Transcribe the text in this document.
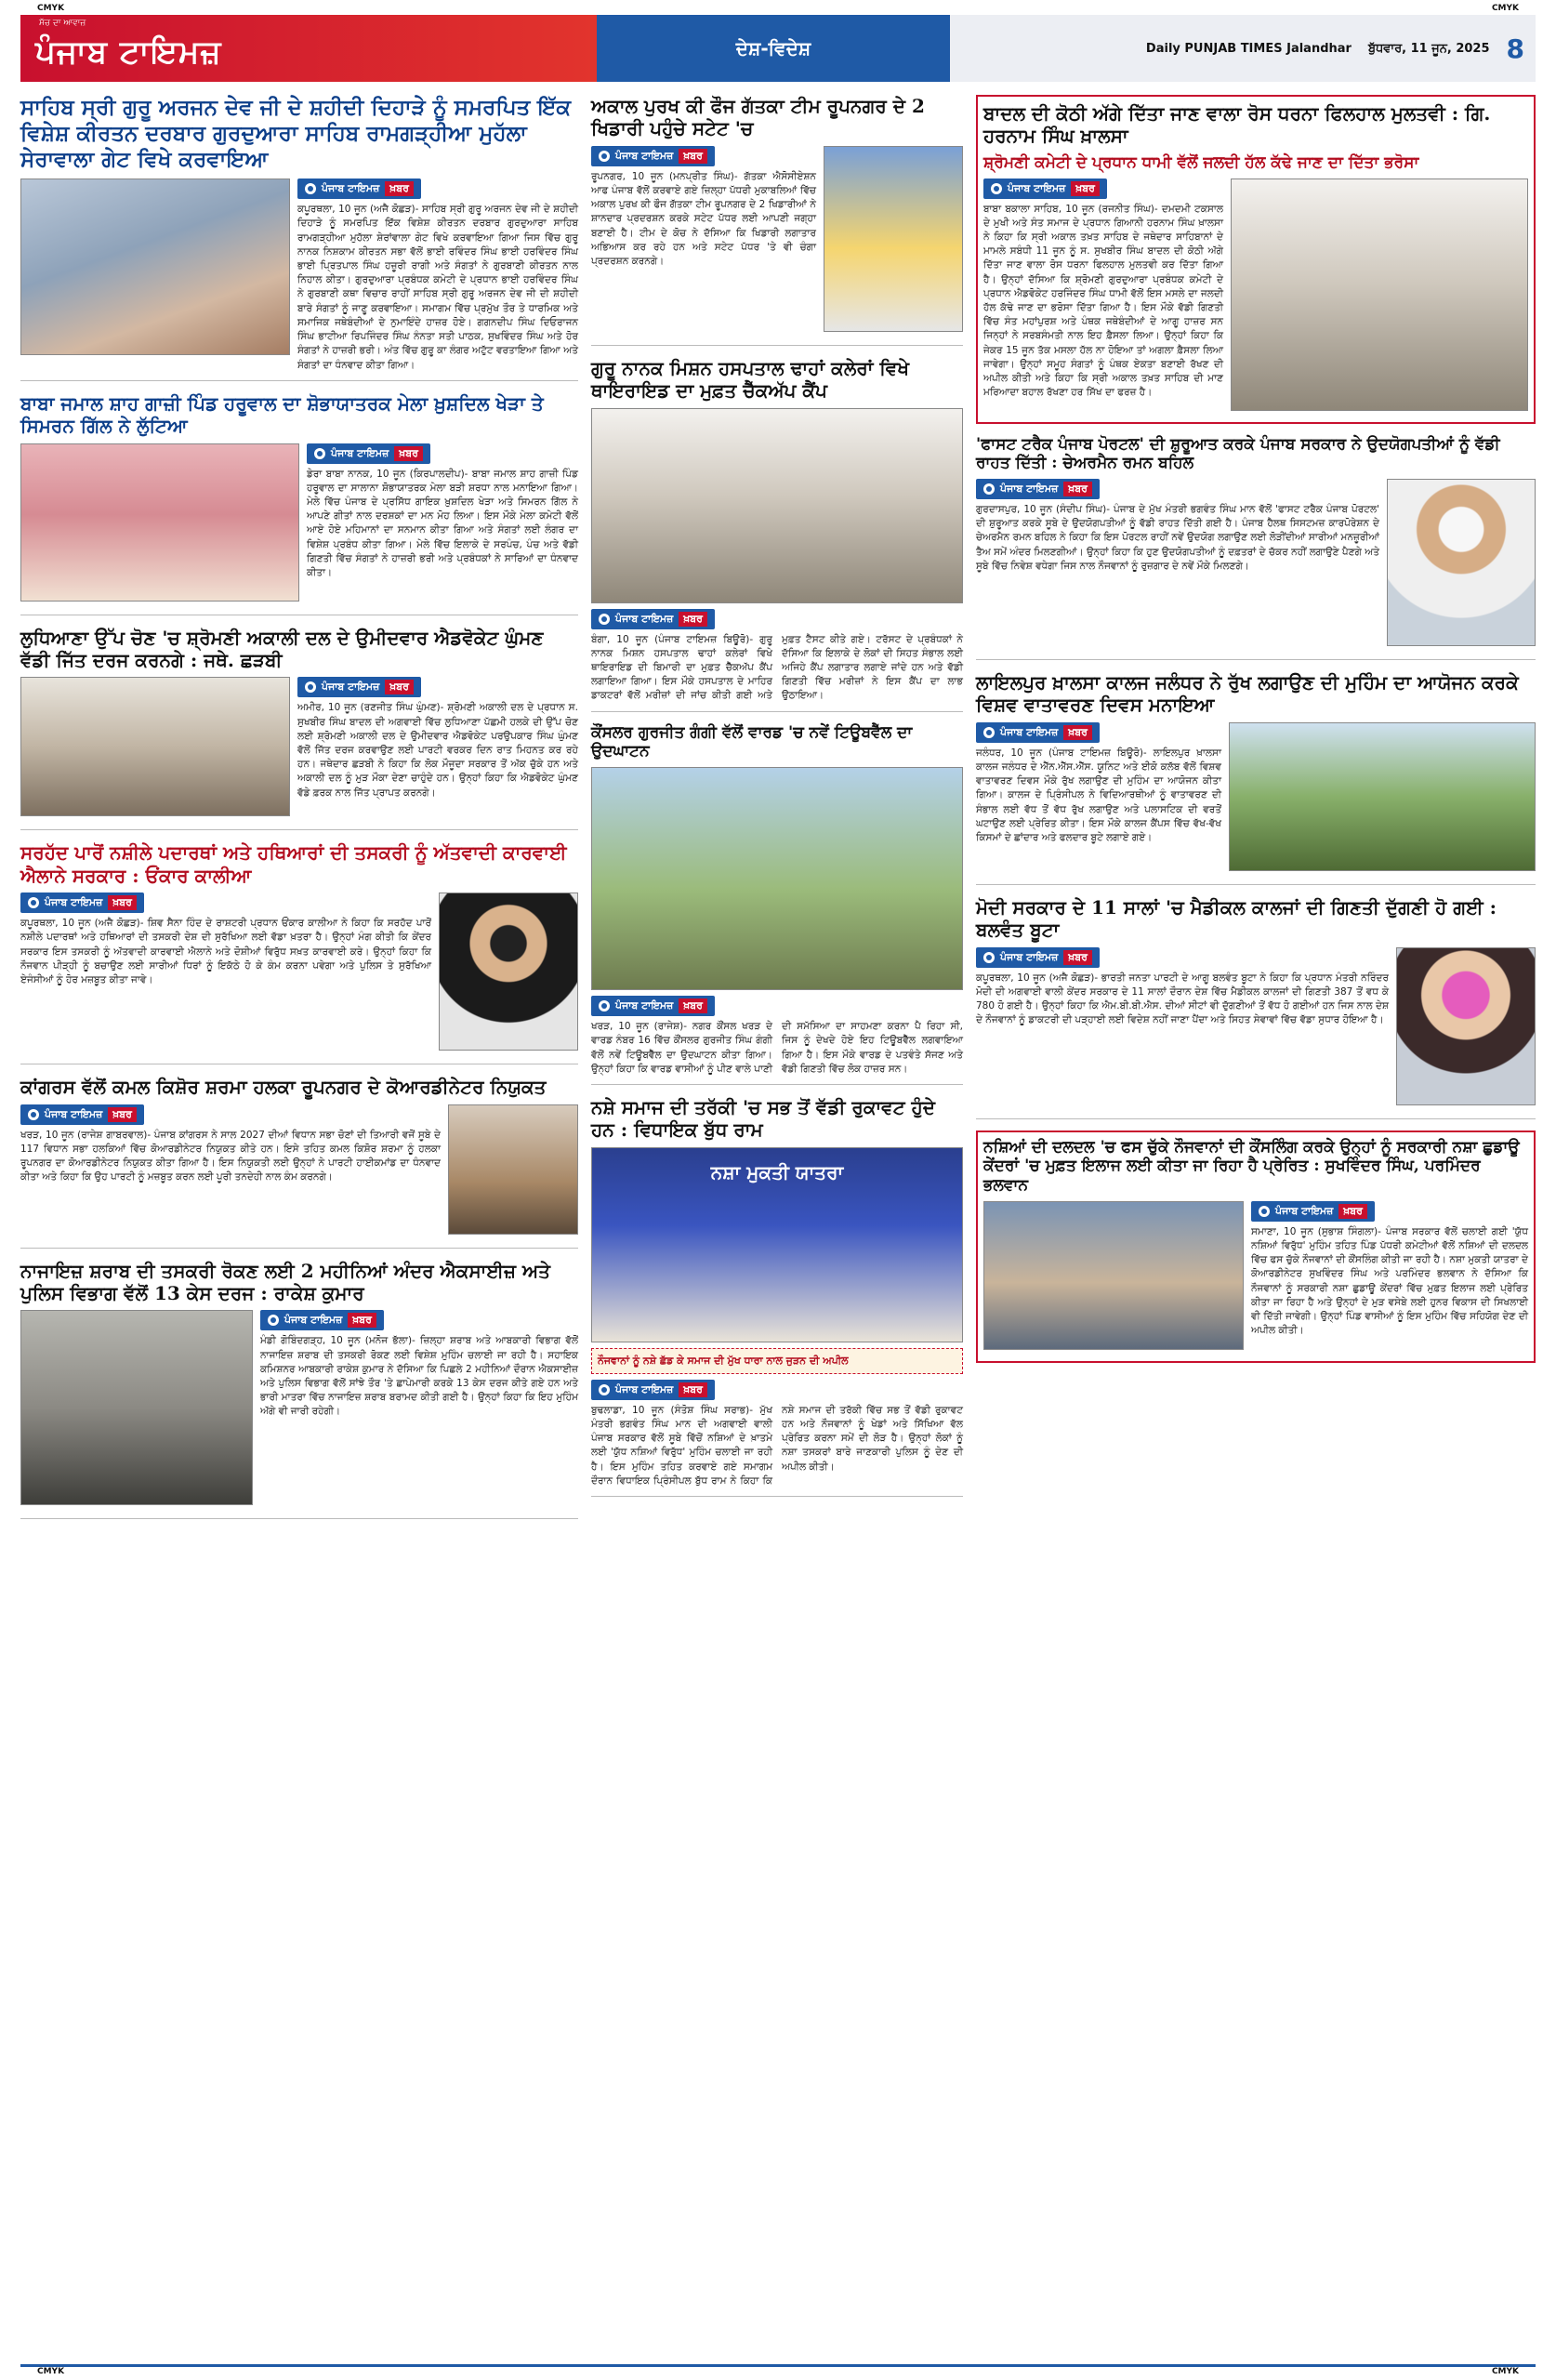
CMYK	CMYK
ਸੱਚ ਦਾ ਆਵਾਜ਼
ਪੰਜਾਬ ਟਾਇਮਜ਼	ਦੇਸ਼-ਵਿਦੇਸ਼	Daily PUNJAB TIMES Jalandhar ਬੁੱਧਵਾਰ, 11 ਜੂਨ, 2025 8
ਸਾਹਿਬ ਸ੍ਰੀ ਗੁਰੂ ਅਰਜਨ ਦੇਵ ਜੀ ਦੇ ਸ਼ਹੀਦੀ ਦਿਹਾੜੇ ਨੂੰ ਸਮਰਪਿਤ ਇੱਕ ਵਿਸ਼ੇਸ਼ ਕੀਰਤਨ ਦਰਬਾਰ ਗੁਰਦੁਆਰਾ ਸਾਹਿਬ ਰਾਮਗੜ੍ਹੀਆ ਮੁਹੱਲਾ ਸੇਰਾਵਾਲਾ ਗੇਟ ਵਿਖੇ ਕਰਵਾਇਆ
ਪੰਜਾਬ ਟਾਇਮਜ਼	ਖ਼ਬਰ

ਕਪੂਰਥਲਾ, 10 ਜੂਨ (ਅਜੈ ਕੋਛੜ)- ਸਾਹਿਬ ਸ੍ਰੀ ਗੁਰੂ ਅਰਜਨ ਦੇਵ ਜੀ ਦੇ ਸ਼ਹੀਦੀ ਦਿਹਾੜੇ ਨੂੰ ਸਮਰਪਿਤ ਇੱਕ ਵਿਸ਼ੇਸ਼ ਕੀਰਤਨ ਦਰਬਾਰ ਗੁਰਦੁਆਰਾ ਸਾਹਿਬ ਰਾਮਗੜ੍ਹੀਆ ਮੁਹੱਲਾ ਸ਼ੇਰਾਂਵਾਲਾ ਗੇਟ ਵਿਖੇ ਕਰਵਾਇਆ ਗਿਆ ਜਿਸ ਵਿੱਚ ਗੁਰੂ ਨਾਨਕ ਨਿਸ਼ਕਾਮ ਕੀਰਤਨ ਸਭਾ ਵੱਲੋਂ ਭਾਈ ਰਵਿੰਦਰ ਸਿੰਘ ਭਾਈ ਹਰਵਿੰਦਰ ਸਿੰਘ ਭਾਈ ਪ੍ਰਿਤਪਾਲ ਸਿੰਘ ਹਜ਼ੂਰੀ ਰਾਗੀ ਅਤੇ ਸੰਗਤਾਂ ਨੇ ਗੁਰਬਾਣੀ ਕੀਰਤਨ ਨਾਲ ਨਿਹਾਲ ਕੀਤਾ। ਗੁਰਦੁਆਰਾ ਪ੍ਰਬੰਧਕ ਕਮੇਟੀ ਦੇ ਪ੍ਰਧਾਨ ਭਾਈ ਹਰਵਿੰਦਰ ਸਿੰਘ ਨੇ ਗੁਰਬਾਣੀ ਕਥਾ ਵਿਚਾਰ ਰਾਹੀਂ ਸਾਹਿਬ ਸ੍ਰੀ ਗੁਰੂ ਅਰਜਨ ਦੇਵ ਜੀ ਦੀ ਸ਼ਹੀਦੀ ਬਾਰੇ ਸੰਗਤਾਂ ਨੂੰ ਜਾਣੂ ਕਰਵਾਇਆ। ਸਮਾਗਮ ਵਿੱਚ ਪ੍ਰਮੁੱਖ ਤੌਰ ਤੇ ਧਾਰਮਿਕ ਅਤੇ ਸਮਾਜਿਕ ਜਥੇਬੰਦੀਆਂ ਦੇ ਨੁਮਾਇੰਦੇ ਹਾਜ਼ਰ ਹੋਏ। ਗਗਨਦੀਪ ਸਿੰਘ ਦਿਓਰਾਜਨ ਸਿੰਘ ਭਾਟੀਆ ਰਿਪਜਿੰਦਰ ਸਿੰਘ ਨੰਨਤਾ ਸਤੀ ਪਾਠਕ, ਸੁਖਵਿੰਦਰ ਸਿੰਘ ਅਤੇ ਹੋਰ ਸੰਗਤਾਂ ਨੇ ਹਾਜ਼ਰੀ ਭਰੀ। ਅੰਤ ਵਿੱਚ ਗੁਰੂ ਕਾ ਲੰਗਰ ਅਟੁੱਟ ਵਰਤਾਇਆ ਗਿਆ ਅਤੇ ਸੰਗਤਾਂ ਦਾ ਧੰਨਵਾਦ ਕੀਤਾ ਗਿਆ।

ਬਾਬਾ ਜਮਾਲ ਸ਼ਾਹ ਗਾਜ਼ੀ ਪਿੰਡ ਹਰੂਵਾਲ ਦਾ ਸ਼ੋਭਾਯਾਤਰਕ ਮੇਲਾ ਖ਼ੁਸ਼ਦਿਲ ਖੇੜਾ ਤੇ ਸਿਮਰਨ ਗਿੱਲ ਨੇ ਲੁੱਟਿਆ
ਪੰਜਾਬ ਟਾਇਮਜ਼	ਖ਼ਬਰ

ਡੇਰਾ ਬਾਬਾ ਨਾਨਕ, 10 ਜੂਨ (ਕਿਰਪਾਲਦੀਪ)- ਬਾਬਾ ਜਮਾਲ ਸ਼ਾਹ ਗਾਜ਼ੀ ਪਿੰਡ ਹਰੂਵਾਲ ਦਾ ਸਾਲਾਨਾ ਸ਼ੋਭਾਯਾਤਰਕ ਮੇਲਾ ਬੜੀ ਸ਼ਰਧਾ ਨਾਲ ਮਨਾਇਆ ਗਿਆ। ਮੇਲੇ ਵਿੱਚ ਪੰਜਾਬ ਦੇ ਪ੍ਰਸਿੱਧ ਗਾਇਕ ਖ਼ੁਸ਼ਦਿਲ ਖੇੜਾ ਅਤੇ ਸਿਮਰਨ ਗਿੱਲ ਨੇ ਆਪਣੇ ਗੀਤਾਂ ਨਾਲ ਦਰਸ਼ਕਾਂ ਦਾ ਮਨ ਮੋਹ ਲਿਆ। ਇਸ ਮੌਕੇ ਮੇਲਾ ਕਮੇਟੀ ਵੱਲੋਂ ਆਏ ਹੋਏ ਮਹਿਮਾਨਾਂ ਦਾ ਸਨਮਾਨ ਕੀਤਾ ਗਿਆ ਅਤੇ ਸੰਗਤਾਂ ਲਈ ਲੰਗਰ ਦਾ ਵਿਸ਼ੇਸ਼ ਪ੍ਰਬੰਧ ਕੀਤਾ ਗਿਆ। ਮੇਲੇ ਵਿੱਚ ਇਲਾਕੇ ਦੇ ਸਰਪੰਚ, ਪੰਚ ਅਤੇ ਵੱਡੀ ਗਿਣਤੀ ਵਿੱਚ ਸੰਗਤਾਂ ਨੇ ਹਾਜ਼ਰੀ ਭਰੀ ਅਤੇ ਪ੍ਰਬੰਧਕਾਂ ਨੇ ਸਾਰਿਆਂ ਦਾ ਧੰਨਵਾਦ ਕੀਤਾ।

ਲੁਧਿਆਣਾ ਉੱਪ ਚੋਣ 'ਚ ਸ਼੍ਰੋਮਣੀ ਅਕਾਲੀ ਦਲ ਦੇ ਉਮੀਦਵਾਰ ਐਡਵੋਕੇਟ ਘੁੰਮਣ ਵੱਡੀ ਜਿੱਤ ਦਰਜ ਕਰਨਗੇ : ਜਥੇ. ਛੜਬੀ
ਪੰਜਾਬ ਟਾਇਮਜ਼	ਖ਼ਬਰ

ਅਮੀਰ, 10 ਜੂਨ (ਰਣਜੀਤ ਸਿੰਘ ਘੁੰਮਣ)- ਸ਼੍ਰੋਮਣੀ ਅਕਾਲੀ ਦਲ ਦੇ ਪ੍ਰਧਾਨ ਸ. ਸੁਖਬੀਰ ਸਿੰਘ ਬਾਦਲ ਦੀ ਅਗਵਾਈ ਵਿੱਚ ਲੁਧਿਆਣਾ ਪੱਛਮੀ ਹਲਕੇ ਦੀ ਉੱਪ ਚੋਣ ਲਈ ਸ਼੍ਰੋਮਣੀ ਅਕਾਲੀ ਦਲ ਦੇ ਉਮੀਦਵਾਰ ਐਡਵੋਕੇਟ ਪਰਉਪਕਾਰ ਸਿੰਘ ਘੁੰਮਣ ਵੱਲੋਂ ਜਿੱਤ ਦਰਜ ਕਰਵਾਉਣ ਲਈ ਪਾਰਟੀ ਵਰਕਰ ਦਿਨ ਰਾਤ ਮਿਹਨਤ ਕਰ ਰਹੇ ਹਨ। ਜਥੇਦਾਰ ਛੜਬੀ ਨੇ ਕਿਹਾ ਕਿ ਲੋਕ ਮੌਜੂਦਾ ਸਰਕਾਰ ਤੋਂ ਅੱਕ ਚੁੱਕੇ ਹਨ ਅਤੇ ਅਕਾਲੀ ਦਲ ਨੂੰ ਮੁੜ ਮੌਕਾ ਦੇਣਾ ਚਾਹੁੰਦੇ ਹਨ। ਉਨ੍ਹਾਂ ਕਿਹਾ ਕਿ ਐਡਵੋਕੇਟ ਘੁੰਮਣ ਵੱਡੇ ਫ਼ਰਕ ਨਾਲ ਜਿੱਤ ਪ੍ਰਾਪਤ ਕਰਨਗੇ।

ਸਰਹੱਦ ਪਾਰੋਂ ਨਸ਼ੀਲੇ ਪਦਾਰਥਾਂ ਅਤੇ ਹਥਿਆਰਾਂ ਦੀ ਤਸਕਰੀ ਨੂੰ ਅੱਤਵਾਦੀ ਕਾਰਵਾਈ ਐਲਾਨੇ ਸਰਕਾਰ : ਓਂਕਾਰ ਕਾਲੀਆ
ਪੰਜਾਬ ਟਾਇਮਜ਼	ਖ਼ਬਰ

ਕਪੂਰਥਲਾ, 10 ਜੂਨ (ਅਜੈ ਕੋਛੜ)- ਸ਼ਿਵ ਸੈਨਾ ਹਿੰਦ ਦੇ ਰਾਸ਼ਟਰੀ ਪ੍ਰਧਾਨ ਓਂਕਾਰ ਕਾਲੀਆ ਨੇ ਕਿਹਾ ਕਿ ਸਰਹੱਦ ਪਾਰੋਂ ਨਸ਼ੀਲੇ ਪਦਾਰਥਾਂ ਅਤੇ ਹਥਿਆਰਾਂ ਦੀ ਤਸਕਰੀ ਦੇਸ਼ ਦੀ ਸੁਰੱਖਿਆ ਲਈ ਵੱਡਾ ਖ਼ਤਰਾ ਹੈ। ਉਨ੍ਹਾਂ ਮੰਗ ਕੀਤੀ ਕਿ ਕੇਂਦਰ ਸਰਕਾਰ ਇਸ ਤਸਕਰੀ ਨੂੰ ਅੱਤਵਾਦੀ ਕਾਰਵਾਈ ਐਲਾਨੇ ਅਤੇ ਦੋਸ਼ੀਆਂ ਵਿਰੁੱਧ ਸਖ਼ਤ ਕਾਰਵਾਈ ਕਰੇ। ਉਨ੍ਹਾਂ ਕਿਹਾ ਕਿ ਨੌਜਵਾਨ ਪੀੜ੍ਹੀ ਨੂੰ ਬਚਾਉਣ ਲਈ ਸਾਰੀਆਂ ਧਿਰਾਂ ਨੂੰ ਇਕੱਠੇ ਹੋ ਕੇ ਕੰਮ ਕਰਨਾ ਪਵੇਗਾ ਅਤੇ ਪੁਲਿਸ ਤੇ ਸੁਰੱਖਿਆ ਏਜੰਸੀਆਂ ਨੂੰ ਹੋਰ ਮਜ਼ਬੂਤ ਕੀਤਾ ਜਾਵੇ।

ਕਾਂਗਰਸ ਵੱਲੋਂ ਕਮਲ ਕਿਸ਼ੋਰ ਸ਼ਰਮਾ ਹਲਕਾ ਰੂਪਨਗਰ ਦੇ ਕੋਆਰਡੀਨੇਟਰ ਨਿਯੁਕਤ
ਪੰਜਾਬ ਟਾਇਮਜ਼	ਖ਼ਬਰ

ਖਰੜ, 10 ਜੂਨ (ਰਾਜੇਸ਼ ਗਾਬਰਵਾਲ)- ਪੰਜਾਬ ਕਾਂਗਰਸ ਨੇ ਸਾਲ 2027 ਦੀਆਂ ਵਿਧਾਨ ਸਭਾ ਚੋਣਾਂ ਦੀ ਤਿਆਰੀ ਵਜੋਂ ਸੂਬੇ ਦੇ 117 ਵਿਧਾਨ ਸਭਾ ਹਲਕਿਆਂ ਵਿੱਚ ਕੋਆਰਡੀਨੇਟਰ ਨਿਯੁਕਤ ਕੀਤੇ ਹਨ। ਇਸੇ ਤਹਿਤ ਕਮਲ ਕਿਸ਼ੋਰ ਸ਼ਰਮਾ ਨੂੰ ਹਲਕਾ ਰੂਪਨਗਰ ਦਾ ਕੋਆਰਡੀਨੇਟਰ ਨਿਯੁਕਤ ਕੀਤਾ ਗਿਆ ਹੈ। ਇਸ ਨਿਯੁਕਤੀ ਲਈ ਉਨ੍ਹਾਂ ਨੇ ਪਾਰਟੀ ਹਾਈਕਮਾਂਡ ਦਾ ਧੰਨਵਾਦ ਕੀਤਾ ਅਤੇ ਕਿਹਾ ਕਿ ਉਹ ਪਾਰਟੀ ਨੂੰ ਮਜ਼ਬੂਤ ਕਰਨ ਲਈ ਪੂਰੀ ਤਨਦੇਹੀ ਨਾਲ ਕੰਮ ਕਰਨਗੇ।

ਨਾਜਾਇਜ਼ ਸ਼ਰਾਬ ਦੀ ਤਸਕਰੀ ਰੋਕਣ ਲਈ 2 ਮਹੀਨਿਆਂ ਅੰਦਰ ਐਕਸਾਈਜ਼ ਅਤੇ ਪੁਲਿਸ ਵਿਭਾਗ ਵੱਲੋਂ 13 ਕੇਸ ਦਰਜ : ਰਾਕੇਸ਼ ਕੁਮਾਰ
ਪੰਜਾਬ ਟਾਇਮਜ਼	ਖ਼ਬਰ

ਮੰਡੀ ਗੋਬਿੰਦਗੜ੍ਹ, 10 ਜੂਨ (ਮਨੋਜ ਭੱਲਾ)- ਜ਼ਿਲ੍ਹਾ ਸ਼ਰਾਬ ਅਤੇ ਆਬਕਾਰੀ ਵਿਭਾਗ ਵੱਲੋਂ ਨਾਜਾਇਜ਼ ਸ਼ਰਾਬ ਦੀ ਤਸਕਰੀ ਰੋਕਣ ਲਈ ਵਿਸ਼ੇਸ਼ ਮੁਹਿੰਮ ਚਲਾਈ ਜਾ ਰਹੀ ਹੈ। ਸਹਾਇਕ ਕਮਿਸ਼ਨਰ ਆਬਕਾਰੀ ਰਾਕੇਸ਼ ਕੁਮਾਰ ਨੇ ਦੱਸਿਆ ਕਿ ਪਿਛਲੇ 2 ਮਹੀਨਿਆਂ ਦੌਰਾਨ ਐਕਸਾਈਜ਼ ਅਤੇ ਪੁਲਿਸ ਵਿਭਾਗ ਵੱਲੋਂ ਸਾਂਝੇ ਤੌਰ 'ਤੇ ਛਾਪੇਮਾਰੀ ਕਰਕੇ 13 ਕੇਸ ਦਰਜ ਕੀਤੇ ਗਏ ਹਨ ਅਤੇ ਭਾਰੀ ਮਾਤਰਾ ਵਿੱਚ ਨਾਜਾਇਜ਼ ਸ਼ਰਾਬ ਬਰਾਮਦ ਕੀਤੀ ਗਈ ਹੈ। ਉਨ੍ਹਾਂ ਕਿਹਾ ਕਿ ਇਹ ਮੁਹਿੰਮ ਅੱਗੇ ਵੀ ਜਾਰੀ ਰਹੇਗੀ।

ਅਕਾਲ ਪੁਰਖ ਕੀ ਫੌਜ ਗੱਤਕਾ ਟੀਮ ਰੂਪਨਗਰ ਦੇ 2 ਖਿਡਾਰੀ ਪਹੁੰਚੇ ਸਟੇਟ 'ਚ
ਪੰਜਾਬ ਟਾਇਮਜ਼	ਖ਼ਬਰ

ਰੂਪਨਗਰ, 10 ਜੂਨ (ਮਨਪ੍ਰੀਤ ਸਿੰਘ)- ਗੱਤਕਾ ਐਸੋਸੀਏਸ਼ਨ ਆਫ ਪੰਜਾਬ ਵੱਲੋਂ ਕਰਵਾਏ ਗਏ ਜ਼ਿਲ੍ਹਾ ਪੱਧਰੀ ਮੁਕਾਬਲਿਆਂ ਵਿੱਚ ਅਕਾਲ ਪੁਰਖ ਕੀ ਫੌਜ ਗੱਤਕਾ ਟੀਮ ਰੂਪਨਗਰ ਦੇ 2 ਖਿਡਾਰੀਆਂ ਨੇ ਸ਼ਾਨਦਾਰ ਪ੍ਰਦਰਸ਼ਨ ਕਰਕੇ ਸਟੇਟ ਪੱਧਰ ਲਈ ਆਪਣੀ ਜਗ੍ਹਾ ਬਣਾਈ ਹੈ। ਟੀਮ ਦੇ ਕੋਚ ਨੇ ਦੱਸਿਆ ਕਿ ਖਿਡਾਰੀ ਲਗਾਤਾਰ ਅਭਿਆਸ ਕਰ ਰਹੇ ਹਨ ਅਤੇ ਸਟੇਟ ਪੱਧਰ 'ਤੇ ਵੀ ਚੰਗਾ ਪ੍ਰਦਰਸ਼ਨ ਕਰਨਗੇ।

ਗੁਰੂ ਨਾਨਕ ਮਿਸ਼ਨ ਹਸਪਤਾਲ ਢਾਹਾਂ ਕਲੇਰਾਂ ਵਿਖੇ ਥਾਇਰਾਇਡ ਦਾ ਮੁਫ਼ਤ ਚੈੱਕਅੱਪ ਕੈਂਪ
ਪੰਜਾਬ ਟਾਇਮਜ਼	ਖ਼ਬਰ

ਬੰਗਾ, 10 ਜੂਨ (ਪੰਜਾਬ ਟਾਇਮਜ਼ ਬਿਊਰੋ)- ਗੁਰੂ ਨਾਨਕ ਮਿਸ਼ਨ ਹਸਪਤਾਲ ਢਾਹਾਂ ਕਲੇਰਾਂ ਵਿਖੇ ਥਾਇਰਾਇਡ ਦੀ ਬਿਮਾਰੀ ਦਾ ਮੁਫ਼ਤ ਚੈੱਕਅੱਪ ਕੈਂਪ ਲਗਾਇਆ ਗਿਆ। ਇਸ ਮੌਕੇ ਹਸਪਤਾਲ ਦੇ ਮਾਹਿਰ ਡਾਕਟਰਾਂ ਵੱਲੋਂ ਮਰੀਜ਼ਾਂ ਦੀ ਜਾਂਚ ਕੀਤੀ ਗਈ ਅਤੇ ਮੁਫ਼ਤ ਟੈਸਟ ਕੀਤੇ ਗਏ। ਟਰੱਸਟ ਦੇ ਪ੍ਰਬੰਧਕਾਂ ਨੇ ਦੱਸਿਆ ਕਿ ਇਲਾਕੇ ਦੇ ਲੋਕਾਂ ਦੀ ਸਿਹਤ ਸੰਭਾਲ ਲਈ ਅਜਿਹੇ ਕੈਂਪ ਲਗਾਤਾਰ ਲਗਾਏ ਜਾਂਦੇ ਹਨ ਅਤੇ ਵੱਡੀ ਗਿਣਤੀ ਵਿੱਚ ਮਰੀਜ਼ਾਂ ਨੇ ਇਸ ਕੈਂਪ ਦਾ ਲਾਭ ਉਠਾਇਆ।

ਕੌਂਸਲਰ ਗੁਰਜੀਤ ਗੰਗੀ ਵੱਲੋਂ ਵਾਰਡ 'ਚ ਨਵੇਂ ਟਿਊਬਵੈੱਲ ਦਾ ਉਦਘਾਟਨ
ਪੰਜਾਬ ਟਾਇਮਜ਼	ਖ਼ਬਰ

ਖਰੜ, 10 ਜੂਨ (ਰਾਜੇਸ਼)- ਨਗਰ ਕੌਂਸਲ ਖਰੜ ਦੇ ਵਾਰਡ ਨੰਬਰ 16 ਵਿੱਚ ਕੌਂਸਲਰ ਗੁਰਜੀਤ ਸਿੰਘ ਗੰਗੀ ਵੱਲੋਂ ਨਵੇਂ ਟਿਊਬਵੈੱਲ ਦਾ ਉਦਘਾਟਨ ਕੀਤਾ ਗਿਆ। ਉਨ੍ਹਾਂ ਕਿਹਾ ਕਿ ਵਾਰਡ ਵਾਸੀਆਂ ਨੂੰ ਪੀਣ ਵਾਲੇ ਪਾਣੀ ਦੀ ਸਮੱਸਿਆ ਦਾ ਸਾਹਮਣਾ ਕਰਨਾ ਪੈ ਰਿਹਾ ਸੀ, ਜਿਸ ਨੂੰ ਦੇਖਦੇ ਹੋਏ ਇਹ ਟਿਊਬਵੈੱਲ ਲਗਵਾਇਆ ਗਿਆ ਹੈ। ਇਸ ਮੌਕੇ ਵਾਰਡ ਦੇ ਪਤਵੰਤੇ ਸੱਜਣ ਅਤੇ ਵੱਡੀ ਗਿਣਤੀ ਵਿੱਚ ਲੋਕ ਹਾਜ਼ਰ ਸਨ।

ਨਸ਼ੇ ਸਮਾਜ ਦੀ ਤਰੱਕੀ 'ਚ ਸਭ ਤੋਂ ਵੱਡੀ ਰੁਕਾਵਟ ਹੁੰਦੇ ਹਨ : ਵਿਧਾਇਕ ਬੁੱਧ ਰਾਮ
ਨਸ਼ਾ ਮੁਕਤੀ ਯਾਤਰਾ
ਨੌਜਵਾਨਾਂ ਨੂੰ ਨਸ਼ੇ ਛੱਡ ਕੇ ਸਮਾਜ ਦੀ ਮੁੱਖ ਧਾਰਾ ਨਾਲ ਜੁੜਨ ਦੀ ਅਪੀਲ
ਪੰਜਾਬ ਟਾਇਮਜ਼	ਖ਼ਬਰ

ਬੁਢਲਾਡਾ, 10 ਜੂਨ (ਸੰਤੋਸ਼ ਸਿੰਘ ਸਰਾਭ)- ਮੁੱਖ ਮੰਤਰੀ ਭਗਵੰਤ ਸਿੰਘ ਮਾਨ ਦੀ ਅਗਵਾਈ ਵਾਲੀ ਪੰਜਾਬ ਸਰਕਾਰ ਵੱਲੋਂ ਸੂਬੇ ਵਿੱਚੋਂ ਨਸ਼ਿਆਂ ਦੇ ਖ਼ਾਤਮੇ ਲਈ 'ਯੁੱਧ ਨਸ਼ਿਆਂ ਵਿਰੁੱਧ' ਮੁਹਿੰਮ ਚਲਾਈ ਜਾ ਰਹੀ ਹੈ। ਇਸ ਮੁਹਿੰਮ ਤਹਿਤ ਕਰਵਾਏ ਗਏ ਸਮਾਗਮ ਦੌਰਾਨ ਵਿਧਾਇਕ ਪ੍ਰਿੰਸੀਪਲ ਬੁੱਧ ਰਾਮ ਨੇ ਕਿਹਾ ਕਿ ਨਸ਼ੇ ਸਮਾਜ ਦੀ ਤਰੱਕੀ ਵਿੱਚ ਸਭ ਤੋਂ ਵੱਡੀ ਰੁਕਾਵਟ ਹਨ ਅਤੇ ਨੌਜਵਾਨਾਂ ਨੂੰ ਖੇਡਾਂ ਅਤੇ ਸਿੱਖਿਆ ਵੱਲ ਪ੍ਰੇਰਿਤ ਕਰਨਾ ਸਮੇਂ ਦੀ ਲੋੜ ਹੈ। ਉਨ੍ਹਾਂ ਲੋਕਾਂ ਨੂੰ ਨਸ਼ਾ ਤਸਕਰਾਂ ਬਾਰੇ ਜਾਣਕਾਰੀ ਪੁਲਿਸ ਨੂੰ ਦੇਣ ਦੀ ਅਪੀਲ ਕੀਤੀ।

ਬਾਦਲ ਦੀ ਕੋਠੀ ਅੱਗੇ ਦਿੱਤਾ ਜਾਣ ਵਾਲਾ ਰੋਸ ਧਰਨਾ ਫਿਲਹਾਲ ਮੁਲਤਵੀ : ਗਿ. ਹਰਨਾਮ ਸਿੰਘ ਖ਼ਾਲਸਾ
ਸ਼੍ਰੋਮਣੀ ਕਮੇਟੀ ਦੇ ਪ੍ਰਧਾਨ ਧਾਮੀ ਵੱਲੋਂ ਜਲਦੀ ਹੱਲ ਕੱਢੇ ਜਾਣ ਦਾ ਦਿੱਤਾ ਭਰੋਸਾ
ਪੰਜਾਬ ਟਾਇਮਜ਼	ਖ਼ਬਰ

ਬਾਬਾ ਬਕਾਲਾ ਸਾਹਿਬ, 10 ਜੂਨ (ਰਜਨੀਤ ਸਿੰਘ)- ਦਮਦਮੀ ਟਕਸਾਲ ਦੇ ਮੁਖੀ ਅਤੇ ਸੰਤ ਸਮਾਜ ਦੇ ਪ੍ਰਧਾਨ ਗਿਆਨੀ ਹਰਨਾਮ ਸਿੰਘ ਖ਼ਾਲਸਾ ਨੇ ਕਿਹਾ ਕਿ ਸ੍ਰੀ ਅਕਾਲ ਤਖ਼ਤ ਸਾਹਿਬ ਦੇ ਜਥੇਦਾਰ ਸਾਹਿਬਾਨਾਂ ਦੇ ਮਾਮਲੇ ਸਬੰਧੀ 11 ਜੂਨ ਨੂੰ ਸ. ਸੁਖਬੀਰ ਸਿੰਘ ਬਾਦਲ ਦੀ ਕੋਠੀ ਅੱਗੇ ਦਿੱਤਾ ਜਾਣ ਵਾਲਾ ਰੋਸ ਧਰਨਾ ਫਿਲਹਾਲ ਮੁਲਤਵੀ ਕਰ ਦਿੱਤਾ ਗਿਆ ਹੈ। ਉਨ੍ਹਾਂ ਦੱਸਿਆ ਕਿ ਸ਼੍ਰੋਮਣੀ ਗੁਰਦੁਆਰਾ ਪ੍ਰਬੰਧਕ ਕਮੇਟੀ ਦੇ ਪ੍ਰਧਾਨ ਐਡਵੋਕੇਟ ਹਰਜਿੰਦਰ ਸਿੰਘ ਧਾਮੀ ਵੱਲੋਂ ਇਸ ਮਸਲੇ ਦਾ ਜਲਦੀ ਹੱਲ ਕੱਢੇ ਜਾਣ ਦਾ ਭਰੋਸਾ ਦਿੱਤਾ ਗਿਆ ਹੈ। ਇਸ ਮੌਕੇ ਵੱਡੀ ਗਿਣਤੀ ਵਿੱਚ ਸੰਤ ਮਹਾਂਪੁਰਸ਼ ਅਤੇ ਪੰਥਕ ਜਥੇਬੰਦੀਆਂ ਦੇ ਆਗੂ ਹਾਜ਼ਰ ਸਨ ਜਿਨ੍ਹਾਂ ਨੇ ਸਰਬਸੰਮਤੀ ਨਾਲ ਇਹ ਫ਼ੈਸਲਾ ਲਿਆ। ਉਨ੍ਹਾਂ ਕਿਹਾ ਕਿ ਜੇਕਰ 15 ਜੂਨ ਤੱਕ ਮਸਲਾ ਹੱਲ ਨਾ ਹੋਇਆ ਤਾਂ ਅਗਲਾ ਫ਼ੈਸਲਾ ਲਿਆ ਜਾਵੇਗਾ। ਉਨ੍ਹਾਂ ਸਮੂਹ ਸੰਗਤਾਂ ਨੂੰ ਪੰਥਕ ਏਕਤਾ ਬਣਾਈ ਰੱਖਣ ਦੀ ਅਪੀਲ ਕੀਤੀ ਅਤੇ ਕਿਹਾ ਕਿ ਸ੍ਰੀ ਅਕਾਲ ਤਖ਼ਤ ਸਾਹਿਬ ਦੀ ਮਾਣ ਮਰਿਆਦਾ ਬਹਾਲ ਰੱਖਣਾ ਹਰ ਸਿੱਖ ਦਾ ਫਰਜ਼ ਹੈ।

'ਫਾਸਟ ਟਰੈਕ ਪੰਜਾਬ ਪੋਰਟਲ' ਦੀ ਸ਼ੁਰੂਆਤ ਕਰਕੇ ਪੰਜਾਬ ਸਰਕਾਰ ਨੇ ਉਦਯੋਗਪਤੀਆਂ ਨੂੰ ਵੱਡੀ ਰਾਹਤ ਦਿੱਤੀ : ਚੇਅਰਮੈਨ ਰਮਨ ਬਹਿਲ
ਪੰਜਾਬ ਟਾਇਮਜ਼	ਖ਼ਬਰ

ਗੁਰਦਾਸਪੁਰ, 10 ਜੂਨ (ਸੰਦੀਪ ਸਿੰਘ)- ਪੰਜਾਬ ਦੇ ਮੁੱਖ ਮੰਤਰੀ ਭਗਵੰਤ ਸਿੰਘ ਮਾਨ ਵੱਲੋਂ 'ਫਾਸਟ ਟਰੈਕ ਪੰਜਾਬ ਪੋਰਟਲ' ਦੀ ਸ਼ੁਰੂਆਤ ਕਰਕੇ ਸੂਬੇ ਦੇ ਉਦਯੋਗਪਤੀਆਂ ਨੂੰ ਵੱਡੀ ਰਾਹਤ ਦਿੱਤੀ ਗਈ ਹੈ। ਪੰਜਾਬ ਹੈਲਥ ਸਿਸਟਮਜ਼ ਕਾਰਪੋਰੇਸ਼ਨ ਦੇ ਚੇਅਰਮੈਨ ਰਮਨ ਬਹਿਲ ਨੇ ਕਿਹਾ ਕਿ ਇਸ ਪੋਰਟਲ ਰਾਹੀਂ ਨਵੇਂ ਉਦਯੋਗ ਲਗਾਉਣ ਲਈ ਲੋੜੀਂਦੀਆਂ ਸਾਰੀਆਂ ਮਨਜ਼ੂਰੀਆਂ ਤੈਅ ਸਮੇਂ ਅੰਦਰ ਮਿਲਣਗੀਆਂ। ਉਨ੍ਹਾਂ ਕਿਹਾ ਕਿ ਹੁਣ ਉਦਯੋਗਪਤੀਆਂ ਨੂੰ ਦਫ਼ਤਰਾਂ ਦੇ ਚੱਕਰ ਨਹੀਂ ਲਗਾਉਣੇ ਪੈਣਗੇ ਅਤੇ ਸੂਬੇ ਵਿੱਚ ਨਿਵੇਸ਼ ਵਧੇਗਾ ਜਿਸ ਨਾਲ ਨੌਜਵਾਨਾਂ ਨੂੰ ਰੁਜ਼ਗਾਰ ਦੇ ਨਵੇਂ ਮੌਕੇ ਮਿਲਣਗੇ।

ਲਾਇਲਪੁਰ ਖ਼ਾਲਸਾ ਕਾਲਜ ਜਲੰਧਰ ਨੇ ਰੁੱਖ ਲਗਾਉਣ ਦੀ ਮੁਹਿੰਮ ਦਾ ਆਯੋਜਨ ਕਰਕੇ ਵਿਸ਼ਵ ਵਾਤਾਵਰਣ ਦਿਵਸ ਮਨਾਇਆ
ਪੰਜਾਬ ਟਾਇਮਜ਼	ਖ਼ਬਰ

ਜਲੰਧਰ, 10 ਜੂਨ (ਪੰਜਾਬ ਟਾਇਮਜ਼ ਬਿਊਰੋ)- ਲਾਇਲਪੁਰ ਖ਼ਾਲਸਾ ਕਾਲਜ ਜਲੰਧਰ ਦੇ ਐੱਨ.ਐੱਸ.ਐੱਸ. ਯੂਨਿਟ ਅਤੇ ਈਕੋ ਕਲੱਬ ਵੱਲੋਂ ਵਿਸ਼ਵ ਵਾਤਾਵਰਣ ਦਿਵਸ ਮੌਕੇ ਰੁੱਖ ਲਗਾਉਣ ਦੀ ਮੁਹਿੰਮ ਦਾ ਆਯੋਜਨ ਕੀਤਾ ਗਿਆ। ਕਾਲਜ ਦੇ ਪ੍ਰਿੰਸੀਪਲ ਨੇ ਵਿਦਿਆਰਥੀਆਂ ਨੂੰ ਵਾਤਾਵਰਣ ਦੀ ਸੰਭਾਲ ਲਈ ਵੱਧ ਤੋਂ ਵੱਧ ਰੁੱਖ ਲਗਾਉਣ ਅਤੇ ਪਲਾਸਟਿਕ ਦੀ ਵਰਤੋਂ ਘਟਾਉਣ ਲਈ ਪ੍ਰੇਰਿਤ ਕੀਤਾ। ਇਸ ਮੌਕੇ ਕਾਲਜ ਕੈਂਪਸ ਵਿੱਚ ਵੱਖ-ਵੱਖ ਕਿਸਮਾਂ ਦੇ ਛਾਂਦਾਰ ਅਤੇ ਫਲਦਾਰ ਬੂਟੇ ਲਗਾਏ ਗਏ।

ਮੋਦੀ ਸਰਕਾਰ ਦੇ 11 ਸਾਲਾਂ 'ਚ ਮੈਡੀਕਲ ਕਾਲਜਾਂ ਦੀ ਗਿਣਤੀ ਦੁੱਗਣੀ ਹੋ ਗਈ : ਬਲਵੰਤ ਬੂਟਾ
ਪੰਜਾਬ ਟਾਇਮਜ਼	ਖ਼ਬਰ

ਕਪੂਰਥਲਾ, 10 ਜੂਨ (ਅਜੈ ਕੋਛੜ)- ਭਾਰਤੀ ਜਨਤਾ ਪਾਰਟੀ ਦੇ ਆਗੂ ਬਲਵੰਤ ਬੂਟਾ ਨੇ ਕਿਹਾ ਕਿ ਪ੍ਰਧਾਨ ਮੰਤਰੀ ਨਰਿੰਦਰ ਮੋਦੀ ਦੀ ਅਗਵਾਈ ਵਾਲੀ ਕੇਂਦਰ ਸਰਕਾਰ ਦੇ 11 ਸਾਲਾਂ ਦੌਰਾਨ ਦੇਸ਼ ਵਿੱਚ ਮੈਡੀਕਲ ਕਾਲਜਾਂ ਦੀ ਗਿਣਤੀ 387 ਤੋਂ ਵਧ ਕੇ 780 ਹੋ ਗਈ ਹੈ। ਉਨ੍ਹਾਂ ਕਿਹਾ ਕਿ ਐਮ.ਬੀ.ਬੀ.ਐਸ. ਦੀਆਂ ਸੀਟਾਂ ਵੀ ਦੁੱਗਣੀਆਂ ਤੋਂ ਵੱਧ ਹੋ ਗਈਆਂ ਹਨ ਜਿਸ ਨਾਲ ਦੇਸ਼ ਦੇ ਨੌਜਵਾਨਾਂ ਨੂੰ ਡਾਕਟਰੀ ਦੀ ਪੜ੍ਹਾਈ ਲਈ ਵਿਦੇਸ਼ ਨਹੀਂ ਜਾਣਾ ਪੈਂਦਾ ਅਤੇ ਸਿਹਤ ਸੇਵਾਵਾਂ ਵਿੱਚ ਵੱਡਾ ਸੁਧਾਰ ਹੋਇਆ ਹੈ।

ਨਸ਼ਿਆਂ ਦੀ ਦਲਦਲ 'ਚ ਫਸ ਚੁੱਕੇ ਨੌਜਵਾਨਾਂ ਦੀ ਕੌਂਸਲਿੰਗ ਕਰਕੇ ਉਨ੍ਹਾਂ ਨੂੰ ਸਰਕਾਰੀ ਨਸ਼ਾ ਛੁਡਾਊ ਕੇਂਦਰਾਂ 'ਚ ਮੁਫ਼ਤ ਇਲਾਜ ਲਈ ਕੀਤਾ ਜਾ ਰਿਹਾ ਹੈ ਪ੍ਰੇਰਿਤ : ਸੁਖਵਿੰਦਰ ਸਿੰਘ, ਪਰਮਿੰਦਰ ਭਲਵਾਨ
ਪੰਜਾਬ ਟਾਇਮਜ਼	ਖ਼ਬਰ

ਸਮਾਣਾ, 10 ਜੂਨ (ਸੁਭਾਸ਼ ਸਿੰਗਲਾ)- ਪੰਜਾਬ ਸਰਕਾਰ ਵੱਲੋਂ ਚਲਾਈ ਗਈ 'ਯੁੱਧ ਨਸ਼ਿਆਂ ਵਿਰੁੱਧ' ਮੁਹਿੰਮ ਤਹਿਤ ਪਿੰਡ ਪੱਧਰੀ ਕਮੇਟੀਆਂ ਵੱਲੋਂ ਨਸ਼ਿਆਂ ਦੀ ਦਲਦਲ ਵਿੱਚ ਫਸ ਚੁੱਕੇ ਨੌਜਵਾਨਾਂ ਦੀ ਕੌਂਸਲਿੰਗ ਕੀਤੀ ਜਾ ਰਹੀ ਹੈ। ਨਸ਼ਾ ਮੁਕਤੀ ਯਾਤਰਾ ਦੇ ਕੋਆਰਡੀਨੇਟਰ ਸੁਖਵਿੰਦਰ ਸਿੰਘ ਅਤੇ ਪਰਮਿੰਦਰ ਭਲਵਾਨ ਨੇ ਦੱਸਿਆ ਕਿ ਨੌਜਵਾਨਾਂ ਨੂੰ ਸਰਕਾਰੀ ਨਸ਼ਾ ਛੁਡਾਊ ਕੇਂਦਰਾਂ ਵਿੱਚ ਮੁਫ਼ਤ ਇਲਾਜ ਲਈ ਪ੍ਰੇਰਿਤ ਕੀਤਾ ਜਾ ਰਿਹਾ ਹੈ ਅਤੇ ਉਨ੍ਹਾਂ ਦੇ ਮੁੜ ਵਸੇਬੇ ਲਈ ਹੁਨਰ ਵਿਕਾਸ ਦੀ ਸਿਖਲਾਈ ਵੀ ਦਿੱਤੀ ਜਾਵੇਗੀ। ਉਨ੍ਹਾਂ ਪਿੰਡ ਵਾਸੀਆਂ ਨੂੰ ਇਸ ਮੁਹਿੰਮ ਵਿੱਚ ਸਹਿਯੋਗ ਦੇਣ ਦੀ ਅਪੀਲ ਕੀਤੀ।

CMYK	CMYK
